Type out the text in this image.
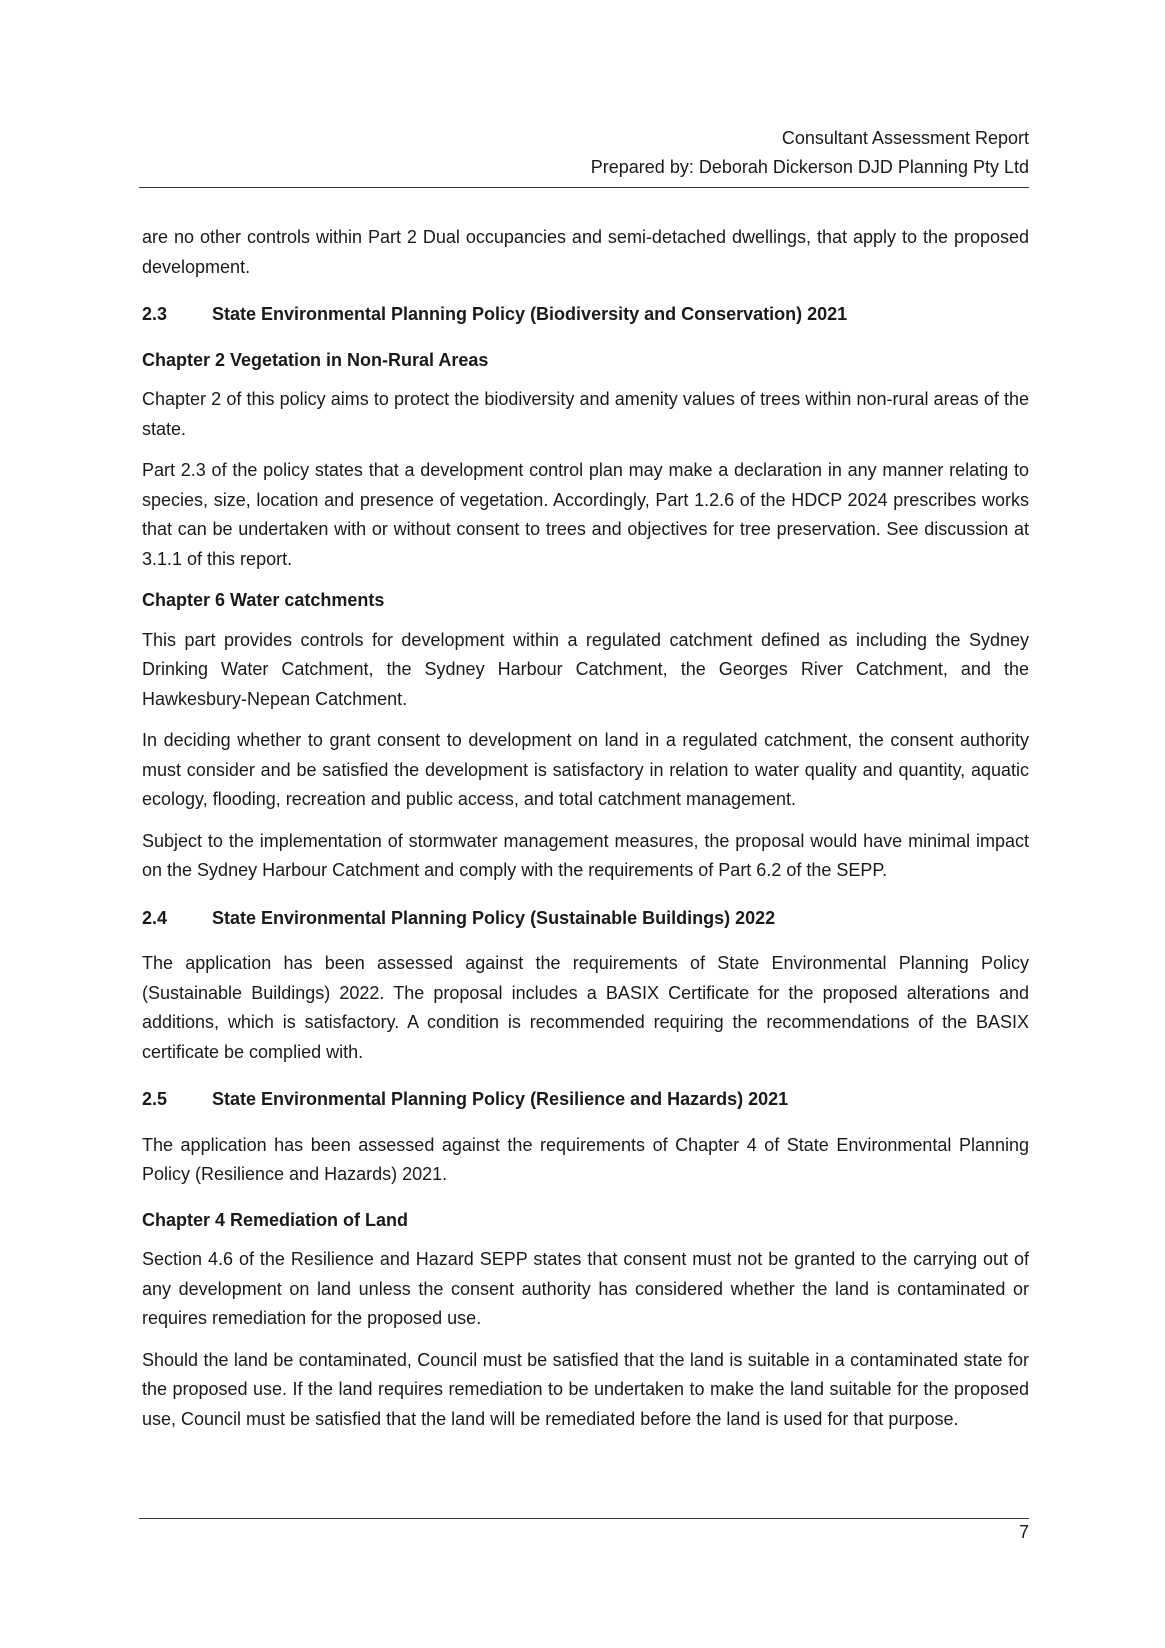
Consultant Assessment Report
Prepared by: Deborah Dickerson DJD Planning Pty Ltd

are no other controls within Part 2 Dual occupancies and semi-detached dwellings, that apply to the proposed development.

2.3	State Environmental Planning Policy (Biodiversity and Conservation) 2021
Chapter 2 Vegetation in Non-Rural Areas

Chapter 2 of this policy aims to protect the biodiversity and amenity values of trees within non-rural areas of the state.

Part 2.3 of the policy states that a development control plan may make a declaration in any manner relating to species, size, location and presence of vegetation. Accordingly, Part 1.2.6 of the HDCP 2024 prescribes works that can be undertaken with or without consent to trees and objectives for tree preservation. See discussion at 3.1.1 of this report.

Chapter 6 Water catchments

This part provides controls for development within a regulated catchment defined as including the Sydney Drinking Water Catchment, the Sydney Harbour Catchment, the Georges River Catchment, and the Hawkesbury-Nepean Catchment.

In deciding whether to grant consent to development on land in a regulated catchment, the consent authority must consider and be satisfied the development is satisfactory in relation to water quality and quantity, aquatic ecology, flooding, recreation and public access, and total catchment management.

Subject to the implementation of stormwater management measures, the proposal would have minimal impact on the Sydney Harbour Catchment and comply with the requirements of Part 6.2 of the SEPP.

2.4	State Environmental Planning Policy (Sustainable Buildings) 2022

The application has been assessed against the requirements of State Environmental Planning Policy (Sustainable Buildings) 2022. The proposal includes a BASIX Certificate for the proposed alterations and additions, which is satisfactory. A condition is recommended requiring the recommendations of the BASIX certificate be complied with.

2.5	State Environmental Planning Policy (Resilience and Hazards) 2021

The application has been assessed against the requirements of Chapter 4 of State Environmental Planning Policy (Resilience and Hazards) 2021.

Chapter 4 Remediation of Land

Section 4.6 of the Resilience and Hazard SEPP states that consent must not be granted to the carrying out of any development on land unless the consent authority has considered whether the land is contaminated or requires remediation for the proposed use.

Should the land be contaminated, Council must be satisfied that the land is suitable in a contaminated state for the proposed use. If the land requires remediation to be undertaken to make the land suitable for the proposed use, Council must be satisfied that the land will be remediated before the land is used for that purpose.

7
